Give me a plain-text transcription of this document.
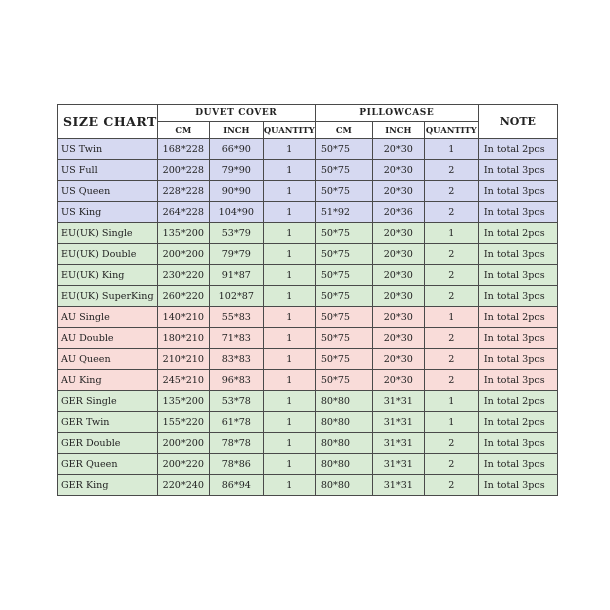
SIZE CHART	DUVET COVER			PILLOWCASE			NOTE
	CM	INCH	QUANTITY	CM	INCH	QUANTITY	
US Twin	168*228	66*90	1	50*75	20*30	1	In total 2pcs
US Full	200*228	79*90	1	50*75	20*30	2	In total 3pcs
US Queen	228*228	90*90	1	50*75	20*30	2	In total 3pcs
US King	264*228	104*90	1	51*92	20*36	2	In total 3pcs
EU(UK) Single	135*200	53*79	1	50*75	20*30	1	In total 2pcs
EU(UK) Double	200*200	79*79	1	50*75	20*30	2	In total 3pcs
EU(UK) King	230*220	91*87	1	50*75	20*30	2	In total 3pcs
EU(UK) SuperKing	260*220	102*87	1	50*75	20*30	2	In total 3pcs
AU Single	140*210	55*83	1	50*75	20*30	1	In total 2pcs
AU Double	180*210	71*83	1	50*75	20*30	2	In total 3pcs
AU Queen	210*210	83*83	1	50*75	20*30	2	In total 3pcs
AU King	245*210	96*83	1	50*75	20*30	2	In total 3pcs
GER Single	135*200	53*78	1	80*80	31*31	1	In total 2pcs
GER Twin	155*220	61*78	1	80*80	31*31	1	In total 2pcs
GER Double	200*200	78*78	1	80*80	31*31	2	In total 3pcs
GER Queen	200*220	78*86	1	80*80	31*31	2	In total 3pcs
GER King	220*240	86*94	1	80*80	31*31	2	In total 3pcs
